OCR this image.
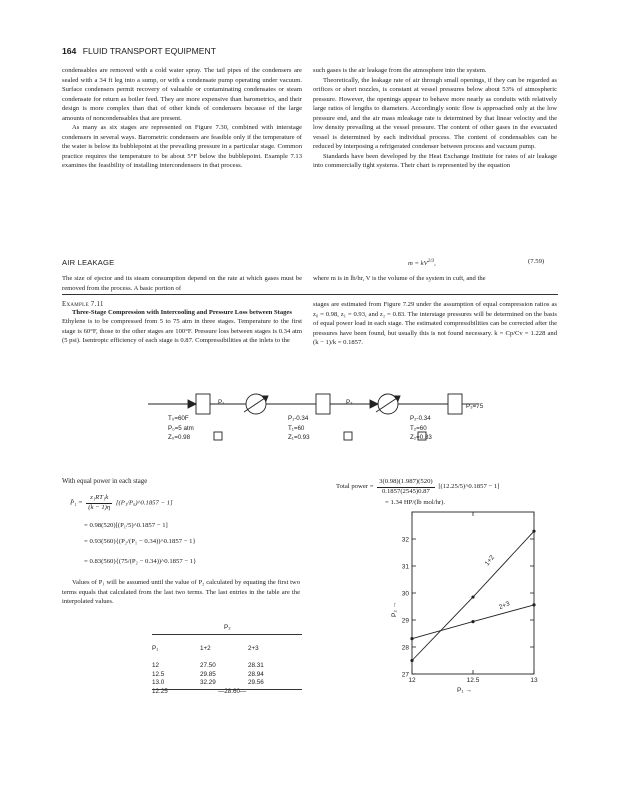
164 FLUID TRANSPORT EQUIPMENT

condensables are removed with a cold water spray. The tail pipes of the condensers are sealed with a 34 ft leg into a sump, or with a condensate pump operating under vacuum. Surface condensers permit recovery of valuable or contaminating condensates or steam condensate for return as boiler feed. They are more expensive than barometrics, and their design is more complex than that of other kinds of condensers because of the large amounts of noncondensables that are present.

As many as six stages are represented on Figure 7.30, combined with interstage condensers in several ways. Barometric condensers are feasible only if the temperature of the water is below its bubblepoint at the prevailing pressure in a particular stage. Common practice requires the temperature to be about 5°F below the bubblepoint. Example 7.13 examines the feasibility of installing intercondensers in that process.

AIR LEAKAGE
The size of ejector and its steam consumption depend on the rate at which gases must be removed from the process. A basic portion of

such gases is the air leakage from the atmosphere into the system.

Theoretically, the leakage rate of air through small openings, if they can be regarded as orifices or short nozzles, is constant at vessel pressures below about 53% of atmospheric pressure. However, the openings appear to behave more nearly as conduits with relatively large ratios of lengths to diameters. Accordingly sonic flow is approached only at the low pressure end, and the air mass mleakage rate is determined by that linear velocity and the low density prevailing at the vessel pressure. The content of other gases in the evacuated vessel is determined by each individual process. The content of condensables can be reduced by interposing a refrigerated condenser between process and vacuum pump.

Standards have been developed by the Heat Exchange Institute for rates of air leakage into commercially tight systems. Their chart is represented by the equation

$m = kV^{2/3}$,	(7.59)
where m is in lb/hr, V is the volume of the system in cuft, and the
Example 7.11
Three-Stage Compression with Intercooling and Pressure Loss between Stages
Ethylene is to be compressed from 5 to 75 atm in three stages. Temperature to the first stage is 60°F, those to the other stages are 100°F. Pressure loss between stages is 0.34 atm (5 psi). Isentropic efficiency of each stage is 0.87. Compressibilities at the inlets to the
stages are estimated from Figure 7.29 under the assumption of equal compression ratios as z₀ = 0.98, z₁ = 0.93, and z₂ = 0.83. The interstage pressures will be determined on the basis of equal power load in each stage. The estimated compressibilities can be corrected after the pressures have been found, but usually this is not found necessary. k = Cp/Cv = 1.228 and (k − 1)/k = 0.1857.
P₁	P₂
P₃=75
T₀=60F
P₀=5 atm
Z₀=0.98
P₁-0.34
T₁=60
Z₁=0.93
P₂-0.34
T₂=60
Z₂=0.83
With equal power in each stage
P̂₁ = $\frac{\text{z₁RT₁k}}{(k - 1)\eta}$ [(P₁/P₀)^0.1857 − 1]
= 0.98(520)[(P₁/5)^0.1857 − 1]
= 0.93(560){(P₂/(P₁ − 0.34))^0.1857 − 1}
= 0.83(560){(75/(P₂ − 0.34))^0.1857 − 1}
Values of P₁ will be assumed until the value of P₂ calculated by equating the first two terms equals that calculated from the last two terms. The last entries in the table are the interpolated values.
P₂
P₁	1+2	2+3

12	27.50	28.31
12.5	29.85	28.94
13.0	32.29	29.56
12.25	—28.60—	
Total power = $\frac{3(0.98)(1.987)(520)}{0.1857(2545)0.87}$ [(12.25/5)^0.1857 − 1]
= 1.34 HP/(lb mol/hr).
27
28
29
30
31
32
12	12.5	13
P₁ →
P₂ →
1+2
2+3
